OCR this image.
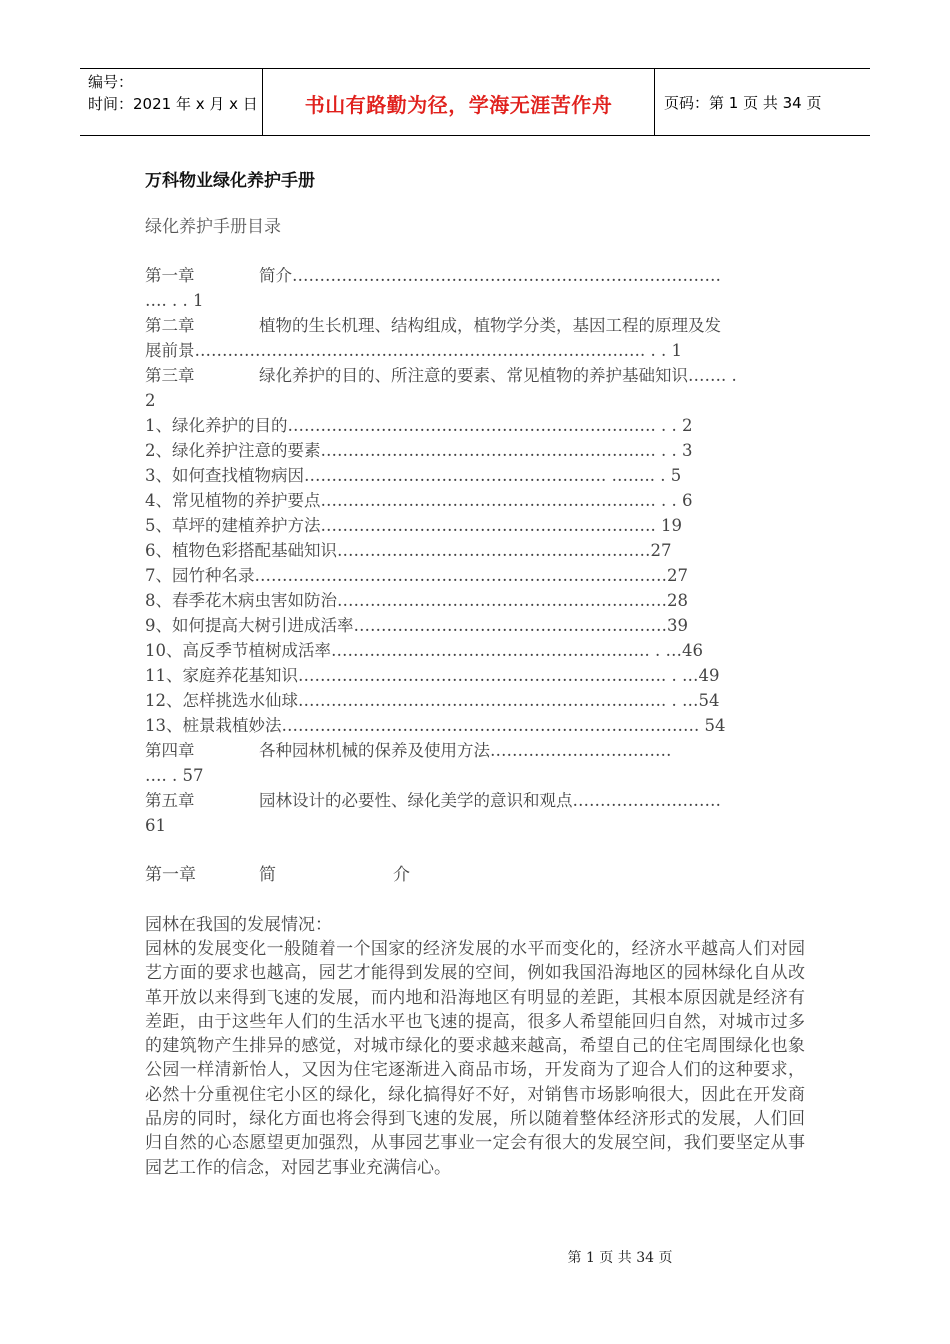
编号：
时间：2021 年 x 月 x 日	书山有路勤为径，学海无涯苦作舟	页码：第 1 页 共 34 页
万科物业绿化养护手册
绿化养护手册目录
第一章	简介……………………………………………………………………
…. . . 1
第二章	植物的生长机理、结构组成，植物学分类，基因工程的原理及发
展前景………………………………………………………………………. . . 1
第三章	绿化养护的目的、所注意的要素、常见植物的养护基础知识……. .
2
1、绿化养护的目的…………………………………………………………. . . 2
2、绿化养护注意的要素……………………………………………………. . . 3
3、如何查找植物病因………………………………………………. …….. . 5
4、常见植物的养护要点……………………………………………………. . . 6
5、草坪的建植养护方法……………………………………………………. 19
6、植物色彩搭配基础知识…………………………………………………27
7、园竹种名录…………………………………………………………………27
8、春季花木病虫害如防治……………………………………………………28
9、如何提高大树引进成活率…………………………………………………39
10、高反季节植树成活率…………………………………………………. . …46
11、家庭养花基知识…………………………………………………………. . …49
12、怎样挑选水仙球…………………………………………………………. . …54
13、桩景栽植妙法…………………………………………………………………. 54
第四章	各种园林机械的保养及使用方法……………………………
…. . 57
第五章	园林设计的必要性、绿化美学的意识和观点………………………
61
第一章	简	介
园林在我国的发展情况：

园林的发展变化一般随着一个国家的经济发展的水平而变化的，经济水平越高人们对园艺方面的要求也越高，园艺才能得到发展的空间，例如我国沿海地区的园林绿化自从改革开放以来得到飞速的发展，而内地和沿海地区有明显的差距，其根本原因就是经济有差距，由于这些年人们的生活水平也飞速的提高，很多人希望能回归自然，对城市过多的建筑物产生排异的感觉，对城市绿化的要求越来越高，希望自己的住宅周围绿化也象公园一样清新怡人，又因为住宅逐渐进入商品市场，开发商为了迎合人们的这种要求，必然十分重视住宅小区的绿化，绿化搞得好不好，对销售市场影响很大，因此在开发商品房的同时，绿化方面也将会得到飞速的发展，所以随着整体经济形式的发展，人们回归自然的心态愿望更加强烈，从事园艺事业一定会有很大的发展空间，我们要坚定从事园艺工作的信念，对园艺事业充满信心。

第 1 页 共 34 页
